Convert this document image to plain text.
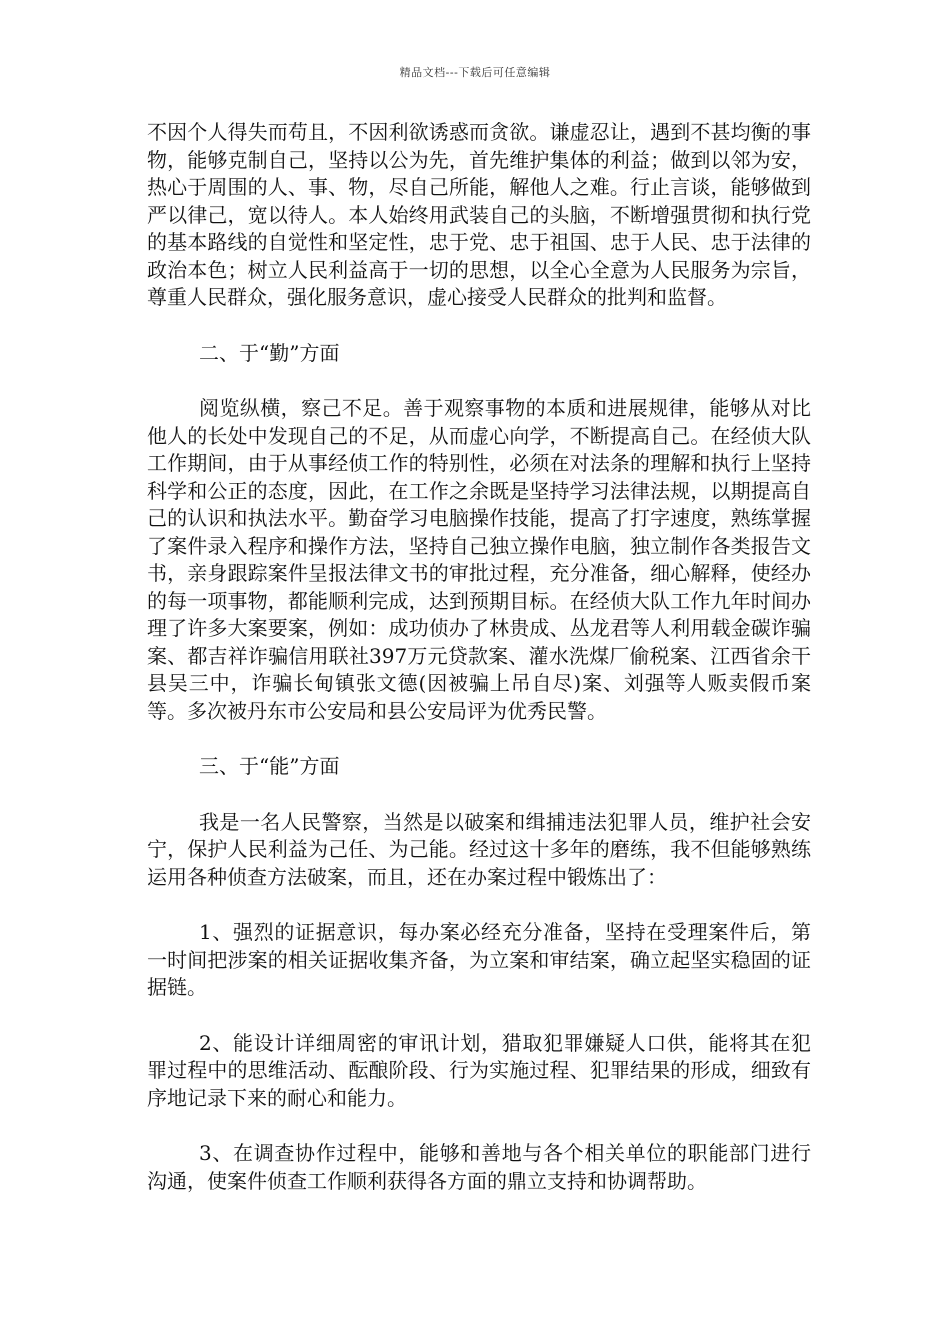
精品文档---下载后可任意编辑

不因个人得失而苟且，不因利欲诱惑而贪欲。谦虚忍让，遇到不甚均衡的事物，能够克制自己，坚持以公为先，首先维护集体的利益；做到以邻为安，热心于周围的人、事、物，尽自己所能，解他人之难。行止言谈，能够做到严以律己，宽以待人。本人始终用武装自己的头脑，不断增强贯彻和执行党的基本路线的自觉性和坚定性，忠于党、忠于祖国、忠于人民、忠于法律的政治本色；树立人民利益高于一切的思想，以全心全意为人民服务为宗旨，尊重人民群众，强化服务意识，虚心接受人民群众的批判和监督。

二、于“勤”方面

阅览纵横，察己不足。善于观察事物的本质和进展规律，能够从对比他人的长处中发现自己的不足，从而虚心向学，不断提高自己。在经侦大队工作期间，由于从事经侦工作的特别性，必须在对法条的理解和执行上坚持科学和公正的态度，因此，在工作之余既是坚持学习法律法规，以期提高自己的认识和执法水平。勤奋学习电脑操作技能，提高了打字速度，熟练掌握了案件录入程序和操作方法，坚持自己独立操作电脑，独立制作各类报告文书，亲身跟踪案件呈报法律文书的审批过程，充分准备，细心解释，使经办的每一项事物，都能顺利完成，达到预期目标。在经侦大队工作九年时间办理了许多大案要案，例如：成功侦办了林贵成、丛龙君等人利用载金碳诈骗案、都吉祥诈骗信用联社397万元贷款案、灌水洗煤厂偷税案、江西省余干县吴三中，诈骗长甸镇张文德(因被骗上吊自尽)案、刘强等人贩卖假币案等。多次被丹东市公安局和县公安局评为优秀民警。

三、于“能”方面

我是一名人民警察，当然是以破案和缉捕违法犯罪人员，维护社会安宁，保护人民利益为己任、为己能。经过这十多年的磨练，我不但能够熟练运用各种侦查方法破案，而且，还在办案过程中锻炼出了：

1、强烈的证据意识，每办案必经充分准备，坚持在受理案件后，第一时间把涉案的相关证据收集齐备，为立案和审结案，确立起坚实稳固的证据链。

2、能设计详细周密的审讯计划，猎取犯罪嫌疑人口供，能将其在犯罪过程中的思维活动、酝酿阶段、行为实施过程、犯罪结果的形成，细致有序地记录下来的耐心和能力。

3、在调查协作过程中，能够和善地与各个相关单位的职能部门进行沟通，使案件侦查工作顺利获得各方面的鼎立支持和协调帮助。
